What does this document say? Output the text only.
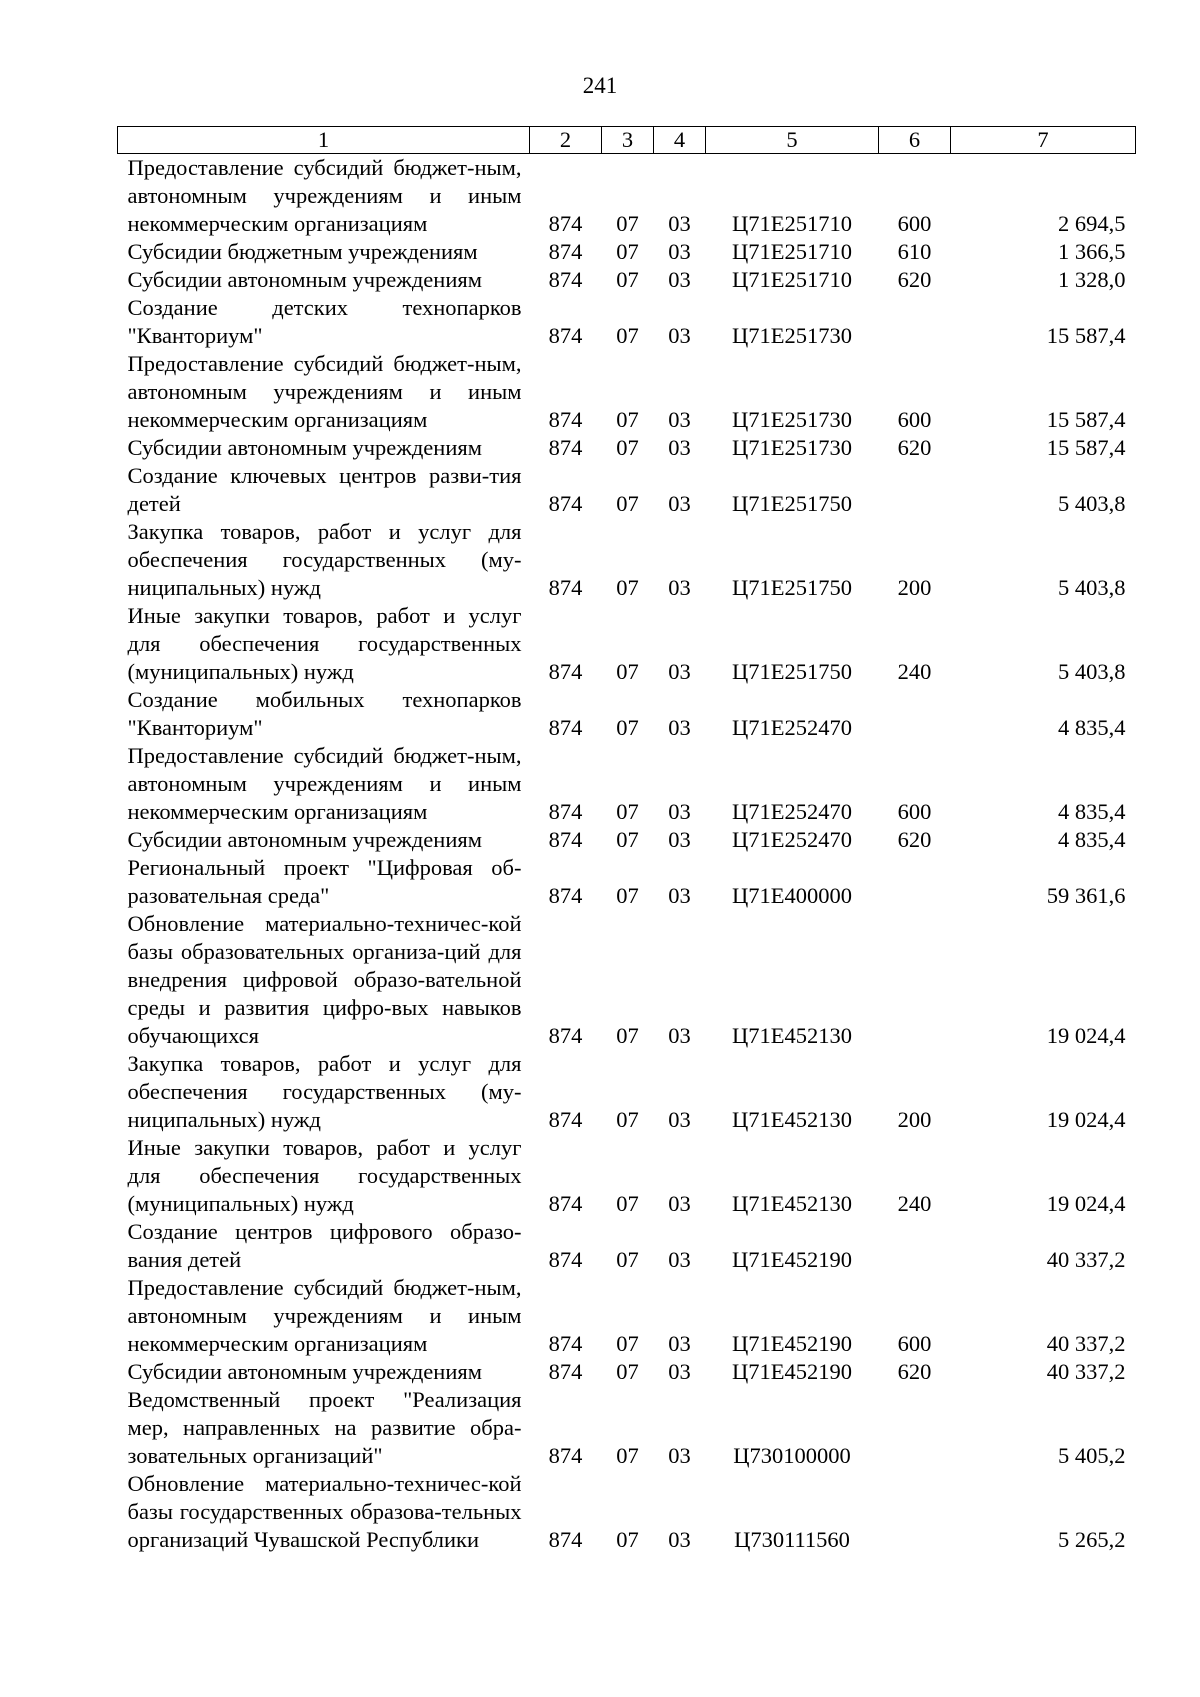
241
1	2	3	4	5	6	7
Предоставление субсидий бюджет-ным, автономным учреждениям и иным некоммерческим организациям	874	07	03	Ц71Е251710	600	2 694,5
Субсидии бюджетным учреждениям	874	07	03	Ц71Е251710	610	1 366,5
Субсидии автономным учреждениям	874	07	03	Ц71Е251710	620	1 328,0
Создание детских технопарков "Кванториум"	874	07	03	Ц71Е251730		15 587,4
Предоставление субсидий бюджет-ным, автономным учреждениям и иным некоммерческим организациям	874	07	03	Ц71Е251730	600	15 587,4
Субсидии автономным учреждениям	874	07	03	Ц71Е251730	620	15 587,4
Создание ключевых центров разви-тия детей	874	07	03	Ц71Е251750		5 403,8
Закупка товаров, работ и услуг для обеспечения государственных (му-ниципальных) нужд	874	07	03	Ц71Е251750	200	5 403,8
Иные закупки товаров, работ и услуг для обеспечения государственных (муниципальных) нужд	874	07	03	Ц71Е251750	240	5 403,8
Создание мобильных технопарков "Кванториум"	874	07	03	Ц71Е252470		4 835,4
Предоставление субсидий бюджет-ным, автономным учреждениям и иным некоммерческим организациям	874	07	03	Ц71Е252470	600	4 835,4
Субсидии автономным учреждениям	874	07	03	Ц71Е252470	620	4 835,4
Региональный проект "Цифровая об-разовательная среда"	874	07	03	Ц71Е400000		59 361,6
Обновление материально-техничес-кой базы образовательных организа-ций для внедрения цифровой образо-вательной среды и развития цифро-вых навыков обучающихся	874	07	03	Ц71Е452130		19 024,4
Закупка товаров, работ и услуг для обеспечения государственных (му-ниципальных) нужд	874	07	03	Ц71Е452130	200	19 024,4
Иные закупки товаров, работ и услуг для обеспечения государственных (муниципальных) нужд	874	07	03	Ц71Е452130	240	19 024,4
Создание центров цифрового образо-вания детей	874	07	03	Ц71Е452190		40 337,2
Предоставление субсидий бюджет-ным, автономным учреждениям и иным некоммерческим организациям	874	07	03	Ц71Е452190	600	40 337,2
Субсидии автономным учреждениям	874	07	03	Ц71Е452190	620	40 337,2
Ведомственный проект "Реализация мер, направленных на развитие обра-зовательных организаций"	874	07	03	Ц730100000		5 405,2
Обновление материально-техничес-кой базы государственных образова-тельных организаций Чувашской Республики	874	07	03	Ц730111560		5 265,2
